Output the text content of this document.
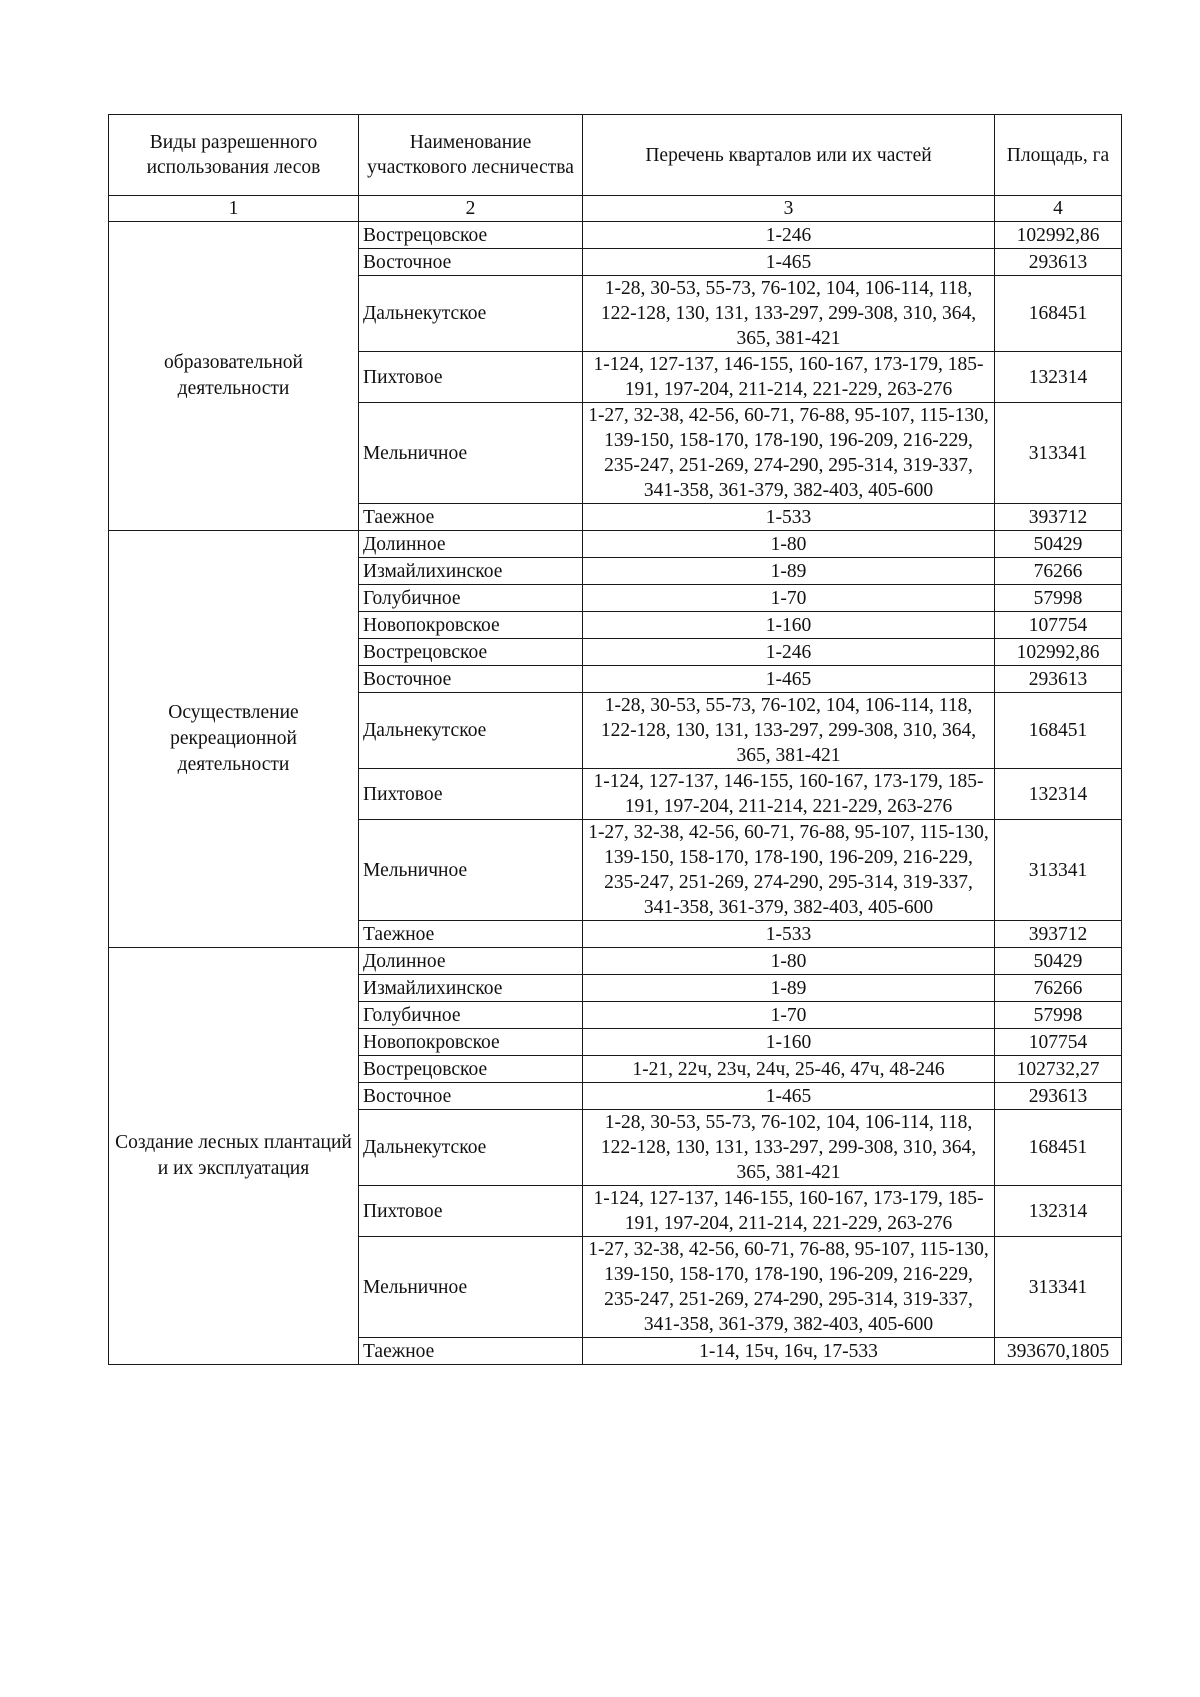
Виды разрешенного использования лесов	Наименование участкового лесничества	Перечень кварталов или их частей	Площадь, га
1	2	3	4
образовательной деятельности	Вострецовское	1-246	102992,86
	Восточное	1-465	293613
	Дальнекутское	1-28, 30-53, 55-73, 76-102, 104, 106-114, 118, 122-128, 130, 131, 133-297, 299-308, 310, 364, 365, 381-421	168451
	Пихтовое	1-124, 127-137, 146-155, 160-167, 173-179, 185-191, 197-204, 211-214, 221-229, 263-276	132314
	Мельничное	1-27, 32-38, 42-56, 60-71, 76-88, 95-107, 115-130, 139-150, 158-170, 178-190, 196-209, 216-229, 235-247, 251-269, 274-290, 295-314, 319-337, 341-358, 361-379, 382-403, 405-600	313341
	Таежное	1-533	393712
Осуществление рекреационной деятельности	Долинное	1-80	50429
	Измайлихинское	1-89	76266
	Голубичное	1-70	57998
	Новопокровское	1-160	107754
	Вострецовское	1-246	102992,86
	Восточное	1-465	293613
	Дальнекутское	1-28, 30-53, 55-73, 76-102, 104, 106-114, 118, 122-128, 130, 131, 133-297, 299-308, 310, 364, 365, 381-421	168451
	Пихтовое	1-124, 127-137, 146-155, 160-167, 173-179, 185-191, 197-204, 211-214, 221-229, 263-276	132314
	Мельничное	1-27, 32-38, 42-56, 60-71, 76-88, 95-107, 115-130, 139-150, 158-170, 178-190, 196-209, 216-229, 235-247, 251-269, 274-290, 295-314, 319-337, 341-358, 361-379, 382-403, 405-600	313341
	Таежное	1-533	393712
Создание лесных плантаций и их эксплуатация	Долинное	1-80	50429
	Измайлихинское	1-89	76266
	Голубичное	1-70	57998
	Новопокровское	1-160	107754
	Вострецовское	1-21, 22ч, 23ч, 24ч, 25-46, 47ч, 48-246	102732,27
	Восточное	1-465	293613
	Дальнекутское	1-28, 30-53, 55-73, 76-102, 104, 106-114, 118, 122-128, 130, 131, 133-297, 299-308, 310, 364, 365, 381-421	168451
	Пихтовое	1-124, 127-137, 146-155, 160-167, 173-179, 185-191, 197-204, 211-214, 221-229, 263-276	132314
	Мельничное	1-27, 32-38, 42-56, 60-71, 76-88, 95-107, 115-130, 139-150, 158-170, 178-190, 196-209, 216-229, 235-247, 251-269, 274-290, 295-314, 319-337, 341-358, 361-379, 382-403, 405-600	313341
	Таежное	1-14, 15ч, 16ч, 17-533	393670,1805
